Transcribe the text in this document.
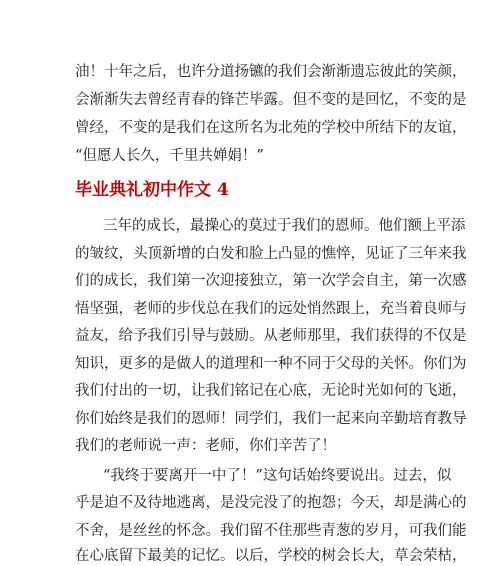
油！十年之后，也许分道扬镳的我们会渐渐遗忘彼此的笑颜，
会渐渐失去曾经青春的锋芒毕露。但不变的是回忆，不变的是
曾经，不变的是我们在这所名为北苑的学校中所结下的友谊，
“但愿人长久，千里共婵娟！”
毕业典礼初中作文 4
三年的成长，最操心的莫过于我们的恩师。他们额上平添
的皱纹，头顶新增的白发和脸上凸显的憔悴，见证了三年来我
们的成长，我们第一次迎接独立，第一次学会自主，第一次感
悟坚强，老师的步伐总在我们的远处悄然跟上，充当着良师与
益友，给予我们引导与鼓励。从老师那里，我们获得的不仅是
知识，更多的是做人的道理和一种不同于父母的关怀。你们为
我们付出的一切，让我们铭记在心底，无论时光如何的飞逝，
你们始终是我们的恩师！同学们，我们一起来向辛勤培育教导
我们的老师说一声：老师，你们辛苦了！
“我终于要离开一中了！”这句话始终要说出。过去，似
乎是迫不及待地逃离，是没完没了的抱怨；今天，却是满心的
不舍，是丝丝的怀念。我们留不住那些青葱的岁月，可我们能
在心底留下最美的记忆。以后，学校的树会长大，草会荣枯，
